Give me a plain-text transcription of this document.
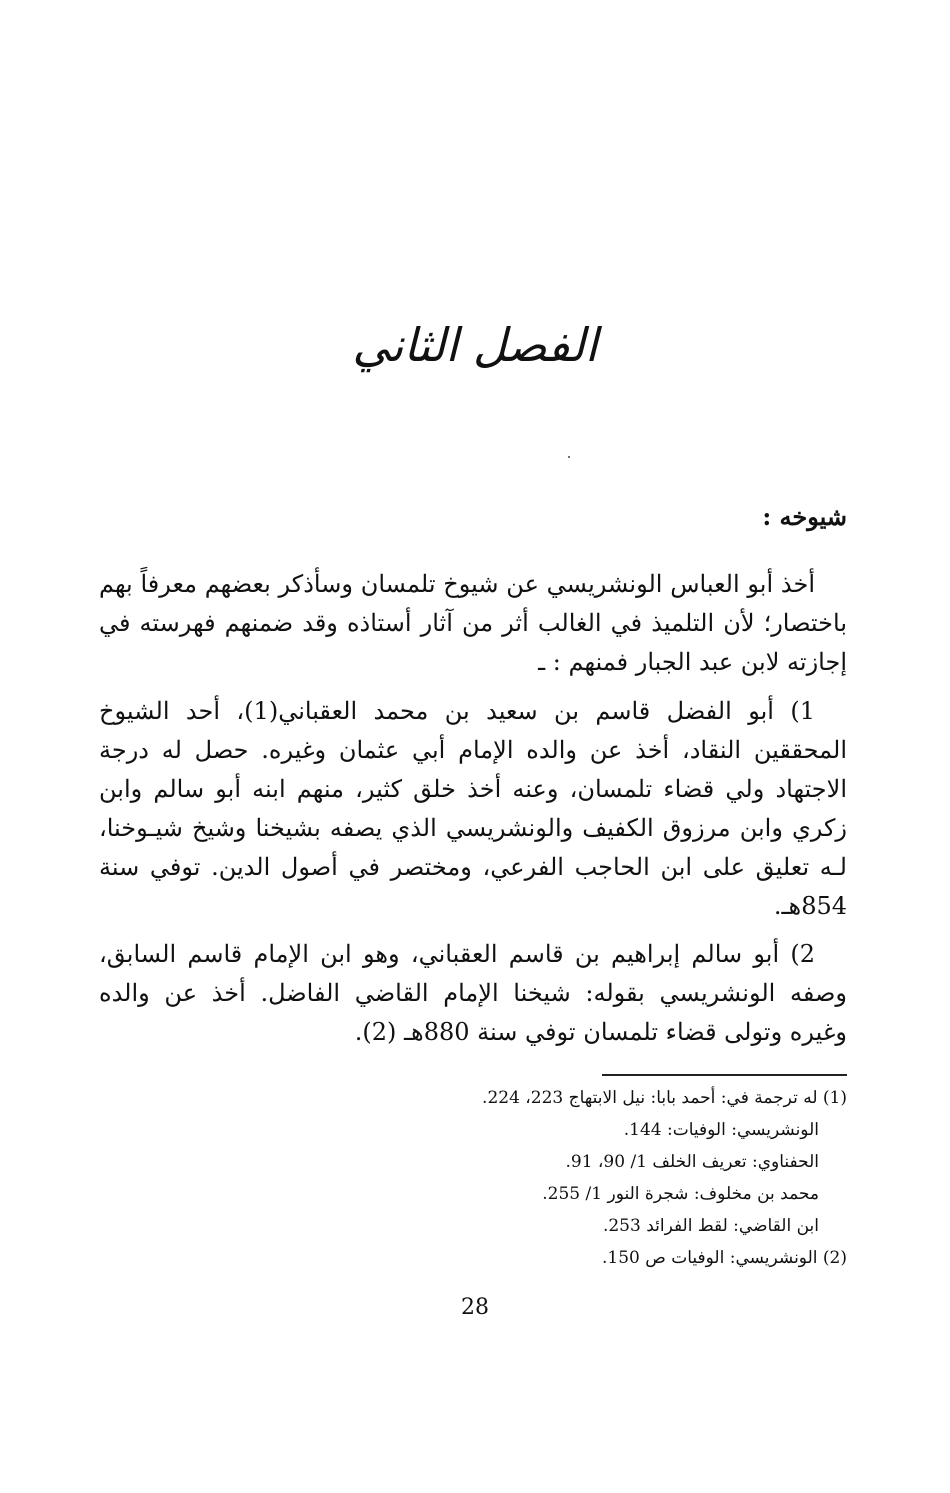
الفصل الثاني
شيوخه :

أخذ أبو العباس الونشريسي عن شيوخ تلمسان وسأذكر بعضهم معرفاً بهم باختصار؛ لأن التلميذ في الغالب أثر من آثار أستاذه وقد ضمنهم فهرسته في إجازته لابن عبد الجبار فمنهم : ـ

1) أبو الفضل قاسم بن سعيد بن محمد العقباني(1)، أحد الشيوخ المحققين النقاد، أخذ عن والده الإمام أبي عثمان وغيره. حصل له درجة الاجتهاد ولي قضاء تلمسان، وعنه أخذ خلق كثير، منهم ابنه أبو سالم وابن زكري وابن مرزوق الكفيف والونشريسي الذي يصفه بشيخنا وشيخ شيـوخنا، لـه تعليق على ابن الحاجب الفرعي، ومختصر في أصول الدين. توفي سنة 854هـ.

2) أبو سالم إبراهيم بن قاسم العقباني، وهو ابن الإمام قاسم السابق، وصفه الونشريسي بقوله: شيخنا الإمام القاضي الفاضل. أخذ عن والده وغيره وتولى قضاء تلمسان توفي سنة 880هـ (2).

(1) له ترجمة في: أحمد بابا: نيل الابتهاج 223، 224.

الونشريسي: الوفيات: 144.

الحفناوي: تعريف الخلف 1/ 90، 91.

محمد بن مخلوف: شجرة النور 1/ 255.

ابن القاضي: لقط الفرائد 253.

(2) الونشريسي: الوفيات ص 150.

28
